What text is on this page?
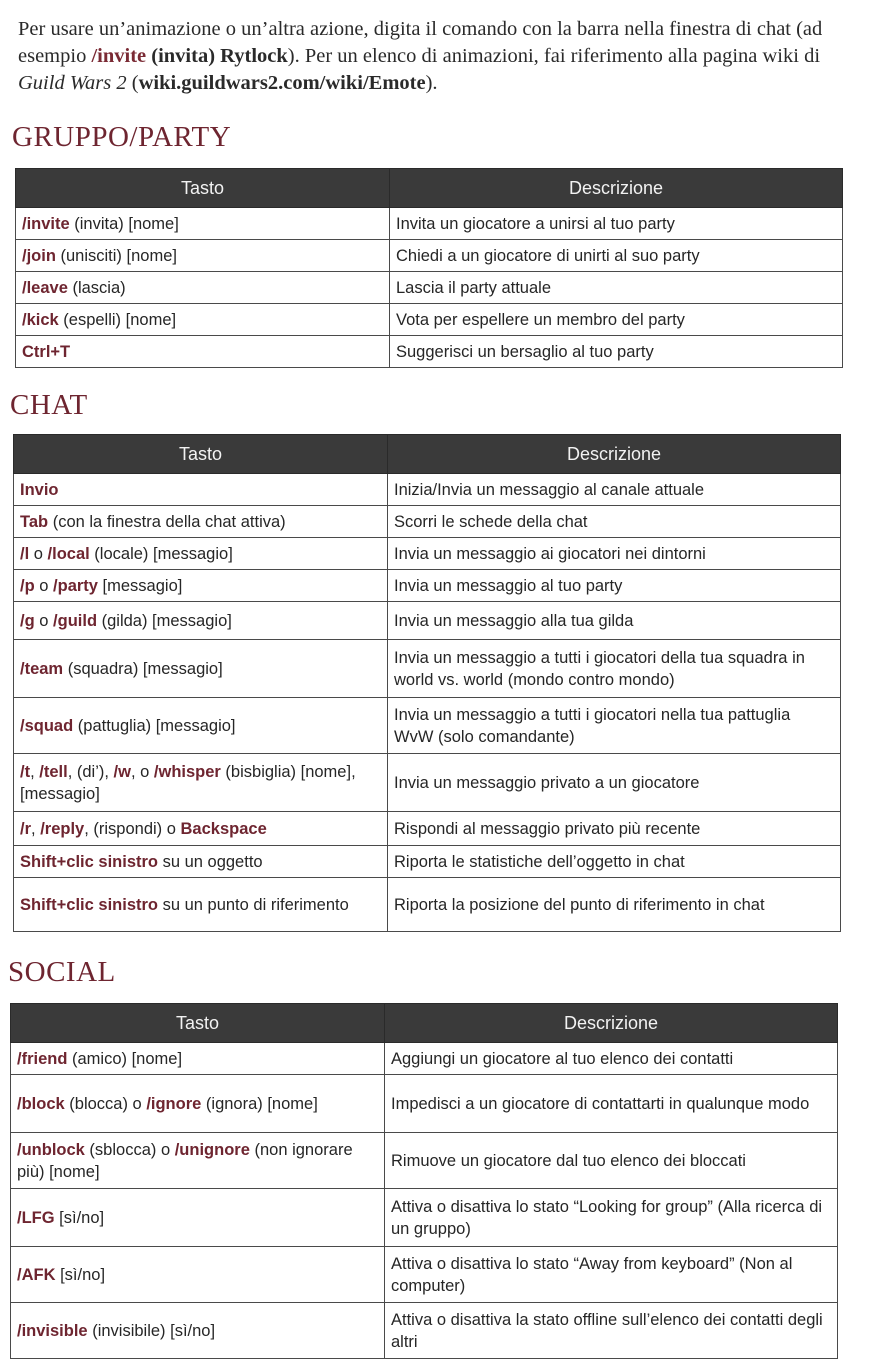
Per usare un’animazione o un’altra azione, digita il comando con la barra nella finestra di chat (ad esempio /invite (invita) Rytlock). Per un elenco di animazioni, fai riferimento alla pagina wiki di Guild Wars 2 (wiki.guildwars2.com/wiki/Emote).
GRUPPO/PARTY
Tasto	Descrizione
/invite (invita) [nome]	Invita un giocatore a unirsi al tuo party
/join (unisciti) [nome]	Chiedi a un giocatore di unirti al suo party
/leave (lascia)	Lascia il party attuale
/kick (espelli) [nome]	Vota per espellere un membro del party
Ctrl+T	Suggerisci un bersaglio al tuo party
CHAT
Tasto	Descrizione
Invio	Inizia/Invia un messaggio al canale attuale
Tab (con la finestra della chat attiva)	Scorri le schede della chat
/l o /local (locale) [messagio]	Invia un messaggio ai giocatori nei dintorni
/p o /party [messagio]	Invia un messaggio al tuo party
/g o /guild (gilda) [messagio]	Invia un messaggio alla tua gilda
/team (squadra) [messagio]	Invia un messaggio a tutti i giocatori della tua squadra in world vs. world (mondo contro mondo)
/squad (pattuglia) [messagio]	Invia un messaggio a tutti i giocatori nella tua pattuglia WvW (solo comandante)
/t, /tell, (di’), /w, o /whisper (bisbiglia) [nome], [messagio]	Invia un messaggio privato a un giocatore
/r, /reply, (rispondi) o Backspace	Rispondi al messaggio privato più recente
Shift+clic sinistro su un oggetto	Riporta le statistiche dell’oggetto in chat
Shift+clic sinistro su un punto di riferimento	Riporta la posizione del punto di riferimento in chat
SOCIAL
Tasto	Descrizione
/friend (amico) [nome]	Aggiungi un giocatore al tuo elenco dei contatti
/block (blocca) o /ignore (ignora) [nome]	Impedisci a un giocatore di contattarti in qualunque modo
/unblock (sblocca) o /unignore (non ignorare più) [nome]	Rimuove un giocatore dal tuo elenco dei bloccati
/LFG [sì/no]	Attiva o disattiva lo stato “Looking for group” (Alla ricerca di un gruppo)
/AFK [sì/no]	Attiva o disattiva lo stato “Away from keyboard” (Non al computer)
/invisible (invisibile) [sì/no]	Attiva o disattiva la stato offline sull’elenco dei contatti degli altri
